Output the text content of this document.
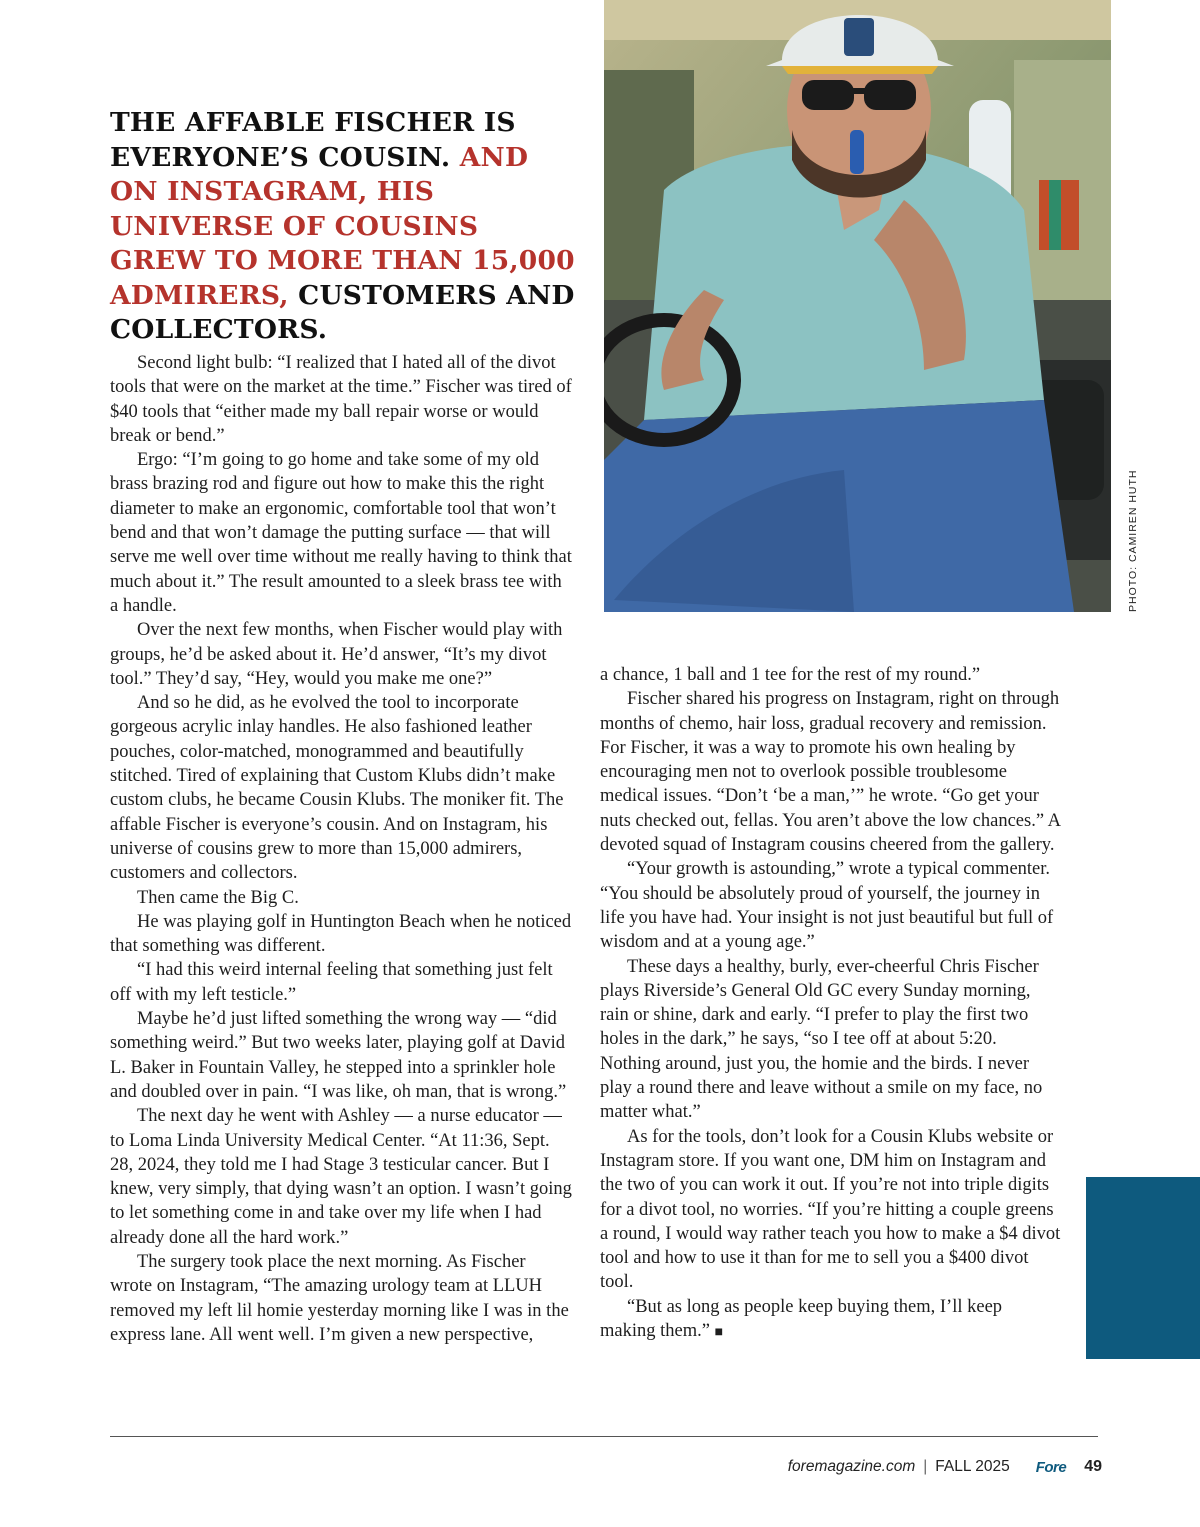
THE AFFABLE FISCHER IS EVERYONE’S COUSIN. AND ON INSTAGRAM, HIS UNIVERSE OF COUSINS GREW TO MORE THAN 15,000 ADMIRERS, CUSTOMERS AND COLLECTORS.
PHOTO: CAMIREN HUTH

Second light bulb: “I realized that I hated all of the divot tools that were on the market at the time.” Fischer was tired of $40 tools that “either made my ball repair worse or would break or bend.”

Ergo: “I’m going to go home and take some of my old brass brazing rod and figure out how to make this the right diameter to make an ergonomic, comfortable tool that won’t bend and that won’t damage the putting surface — that will serve me well over time without me really having to think that much about it.” The result amounted to a sleek brass tee with a handle.

Over the next few months, when Fischer would play with groups, he’d be asked about it. He’d answer, “It’s my divot tool.” They’d say, “Hey, would you make me one?”

And so he did, as he evolved the tool to incorporate gorgeous acrylic inlay handles. He also fashioned leather pouches, color-matched, monogrammed and beautifully stitched. Tired of explaining that Custom Klubs didn’t make custom clubs, he became Cousin Klubs. The moniker fit. The affable Fischer is everyone’s cousin. And on Instagram, his universe of cousins grew to more than 15,000 admirers, customers and collectors.

Then came the Big C.

He was playing golf in Huntington Beach when he noticed that something was different.

“I had this weird internal feeling that something just felt off with my left testicle.”

Maybe he’d just lifted something the wrong way — “did something weird.” But two weeks later, playing golf at David L. Baker in Fountain Valley, he stepped into a sprinkler hole and doubled over in pain. “I was like, oh man, that is wrong.”

The next day he went with Ashley — a nurse educator — to Loma Linda University Medical Center. “At 11:36, Sept. 28, 2024, they told me I had Stage 3 testicular cancer. But I knew, very simply, that dying wasn’t an option. I wasn’t going to let something come in and take over my life when I had already done all the hard work.”

The surgery took place the next morning. As Fischer wrote on Instagram, “The amazing urology team at LLUH removed my left lil homie yesterday morning like I was in the express lane. All went well. I’m given a new perspective,

a chance, 1 ball and 1 tee for the rest of my round.”

Fischer shared his progress on Instagram, right on through months of chemo, hair loss, gradual recovery and remission. For Fischer, it was a way to promote his own healing by encouraging men not to overlook possible troublesome medical issues. “Don’t ‘be a man,’” he wrote. “Go get your nuts checked out, fellas. You aren’t above the low chances.” A devoted squad of Instagram cousins cheered from the gallery.

“Your growth is astounding,” wrote a typical commenter. “You should be absolutely proud of yourself, the journey in life you have had. Your insight is not just beautiful but full of wisdom and at a young age.”

These days a healthy, burly, ever-cheerful Chris Fischer plays Riverside’s General Old GC every Sunday morning, rain or shine, dark and early. “I prefer to play the first two holes in the dark,” he says, “so I tee off at about 5:20. Nothing around, just you, the homie and the birds. I never play a round there and leave without a smile on my face, no matter what.”

As for the tools, don’t look for a Cousin Klubs website or Instagram store. If you want one, DM him on Instagram and the two of you can work it out. If you’re not into triple digits for a divot tool, no worries. “If you’re hitting a couple greens a round, I would way rather teach you how to make a $4 divot tool and how to use it than for me to sell you a $400 divot tool.

“But as long as people keep buying them, I’ll keep making them.” ■

foremagazine.com | FALL 2025 Fore 49
